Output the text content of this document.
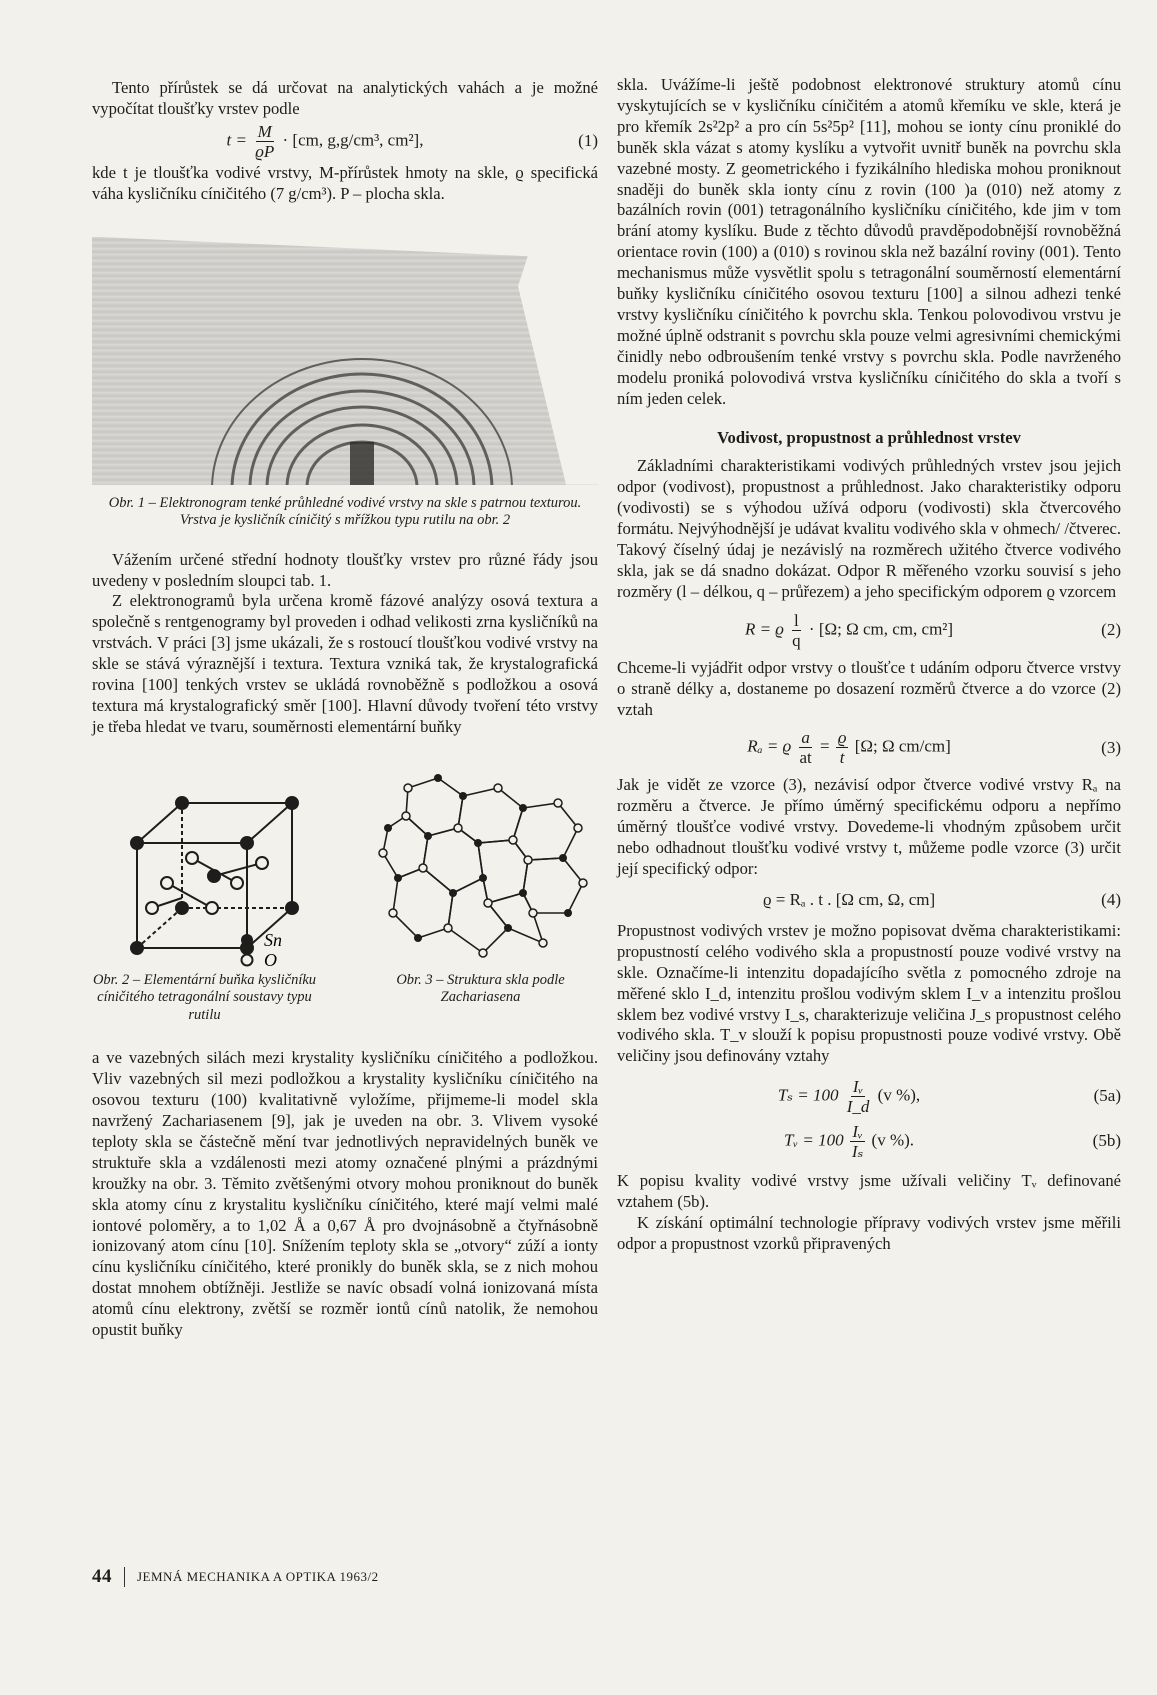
Tento přírůstek se dá určovat na analytických vahách a je možné vypočítat tloušťky vrstev podle

$t = \frac{M}{ϱP} \cdot [cm$, g,g/cm³, cm²],	(1)

kde t je tloušťka vodivé vrstvy, M-přírůstek hmoty na skle, ϱ specifická váha kysličníku cíničitého (7 g/cm³). P – plocha skla.

Obr. 1 – Elektronogram tenké průhledné vodivé vrstvy na skle s patrnou texturou. Vrstva je kysličník cíničitý s mřížkou typu rutilu na obr. 2

Vážením určené střední hodnoty tloušťky vrstev pro různé řády jsou uvedeny v posledním sloupci tab. 1.

Z elektronogramů byla určena kromě fázové analýzy osová textura a společně s rentgenogramy byl proveden i odhad velikosti zrna kysličníků na vrstvách. V práci [3] jsme ukázali, že s rostoucí tloušťkou vodivé vrstvy na skle se stává výraznější i textura. Textura vzniká tak, že krystalografická rovina [100] tenkých vrstev se ukládá rovnoběžně s podložkou a osová textura má krystalografický směr [100]. Hlavní důvody tvoření této vrstvy je třeba hledat ve tvaru, souměrnosti elementární buňky

Sn
O

Obr. 2 – Elementární buňka kysličníku cíničitého tetragonální soustavy typu rutilu

Obr. 3 – Struktura skla podle Zachariasena

a ve vazebných silách mezi krystality kysličníku cíničitého a podložkou. Vliv vazebných sil mezi podložkou a krystality kysličníku cíničitého na osovou texturu (100) kvalitativně vyložíme, přijmeme-li model skla navržený Zachariasenem [9], jak je uveden na obr. 3. Vlivem vysoké teploty skla se částečně mění tvar jednotlivých nepravidelných buněk ve struktuře skla a vzdálenosti mezi atomy označené plnými a prázdnými kroužky na obr. 3. Těmito zvětšenými otvory mohou proniknout do buněk skla atomy cínu z krystalitu kysličníku cíničitého, které mají velmi malé iontové poloměry, a to 1,02 Å a 0,67 Å pro dvojnásobně a čtyřnásobně ionizovaný atom cínu [10]. Snížením teploty skla se „otvory“ zúží a ionty cínu kysličníku cíničitého, které pronikly do buněk skla, se z nich mohou dostat mnohem obtížněji. Jestliže se navíc obsadí volná ionizovaná místa atomů cínu elektrony, zvětší se rozměr iontů cínů natolik, že nemohou opustit buňky

skla. Uvážíme-li ještě podobnost elektronové struktury atomů cínu vyskytujících se v kysličníku cíničitém a atomů křemíku ve skle, která je pro křemík 2s²2p² a pro cín 5s²5p² [11], mohou se ionty cínu proniklé do buněk skla vázat s atomy kyslíku a vytvořit uvnitř buněk na povrchu skla vazebné mosty. Z geometrického i fyzikálního hlediska mohou proniknout snaději do buněk skla ionty cínu z rovin (100 )a (010) než atomy z bazálních rovin (001) tetragonálního kysličníku cíničitého, kde jim v tom brání atomy kyslíku. Bude z těchto důvodů pravděpodobnější rovnoběžná orientace rovin (100) a (010) s rovinou skla než bazální roviny (001). Tento mechanismus může vysvětlit spolu s tetragonální souměrností elementární buňky kysličníku cíničitého osovou texturu [100] a silnou adhezi tenké vrstvy kysličníku cíničitého k povrchu skla. Tenkou polovodivou vrstvu je možné úplně odstranit s povrchu skla pouze velmi agresivními chemickými činidly nebo odbroušením tenké vrstvy s povrchu skla. Podle navrženého modelu proniká polovodivá vrstva kysličníku cíničitého do skla a tvoří s ním jeden celek.

Vodivost, propustnost a průhlednost vrstev

Základními charakteristikami vodivých průhledných vrstev jsou jejich odpor (vodivost), propustnost a průhlednost. Jako charakteristiky odporu (vodivosti) se s výhodou užívá odporu (vodivosti) skla čtvercového formátu. Nejvýhodnější je udávat kvalitu vodivého skla v ohmech/ /čtverec. Takový číselný údaj je nezávislý na rozměrech užitého čtverce vodivého skla, jak se dá snadno dokázat. Odpor R měřeného vzorku souvisí s jeho rozměry (l – délkou, q – průřezem) a jeho specifickým odporem ϱ vzorcem

R = ϱ $\frac{l}{q} \cdot [\Omega$; Ω cm, cm, cm²]	(2)

Chceme-li vyjádřit odpor vrstvy o tloušťce t udáním odporu čtverce vrstvy o straně délky a, dostaneme po dosazení rozměrů čtverce a do vzorce (2) vztah

Rₐ = ϱ $\frac{a}{at} = \frac{ϱ}{t} [\Omega$; Ω cm/cm]	(3)

Jak je vidět ze vzorce (3), nezávisí odpor čtverce vodivé vrstvy Rₐ na rozměru a čtverce. Je přímo úměrný specifickému odporu a nepřímo úměrný tloušťce vodivé vrstvy. Dovedeme-li vhodným způsobem určit nebo odhadnout tloušťku vodivé vrstvy t, můžeme podle vzorce (3) určit její specifický odpor:

ϱ = Rₐ . t . [Ω cm, Ω, cm]	(4)

Propustnost vodivých vrstev je možno popisovat dvěma charakteristikami: propustností celého vodivého skla a propustností pouze vodivé vrstvy na skle. Označíme-li intenzitu dopadajícího světla z pomocného zdroje na měřené sklo I_d, intenzitu prošlou vodivým sklem I_v a intenzitu prošlou sklem bez vodivé vrstvy I_s, charakterizuje veličina J_s propustnost celého vodivého skla. T_v slouží k popisu propustnosti pouze vodivé vrstvy. Obě veličiny jsou definovány vztahy

$T_s = 100 \frac{\text{Iᵥ}}{I\_d} (v$ %),	(5a)
Tᵥ = $100 \frac{\text{Iᵥ}}{\text{Iₛ}} (v$ %).	(5b)

K popisu kvality vodivé vrstvy jsme užívali veličiny Tᵥ definované vztahem (5b).

K získání optimální technologie přípravy vodivých vrstev jsme měřili odpor a propustnost vzorků připravených

44 JEMNÁ MECHANIKA A OPTIKA 1963/2
